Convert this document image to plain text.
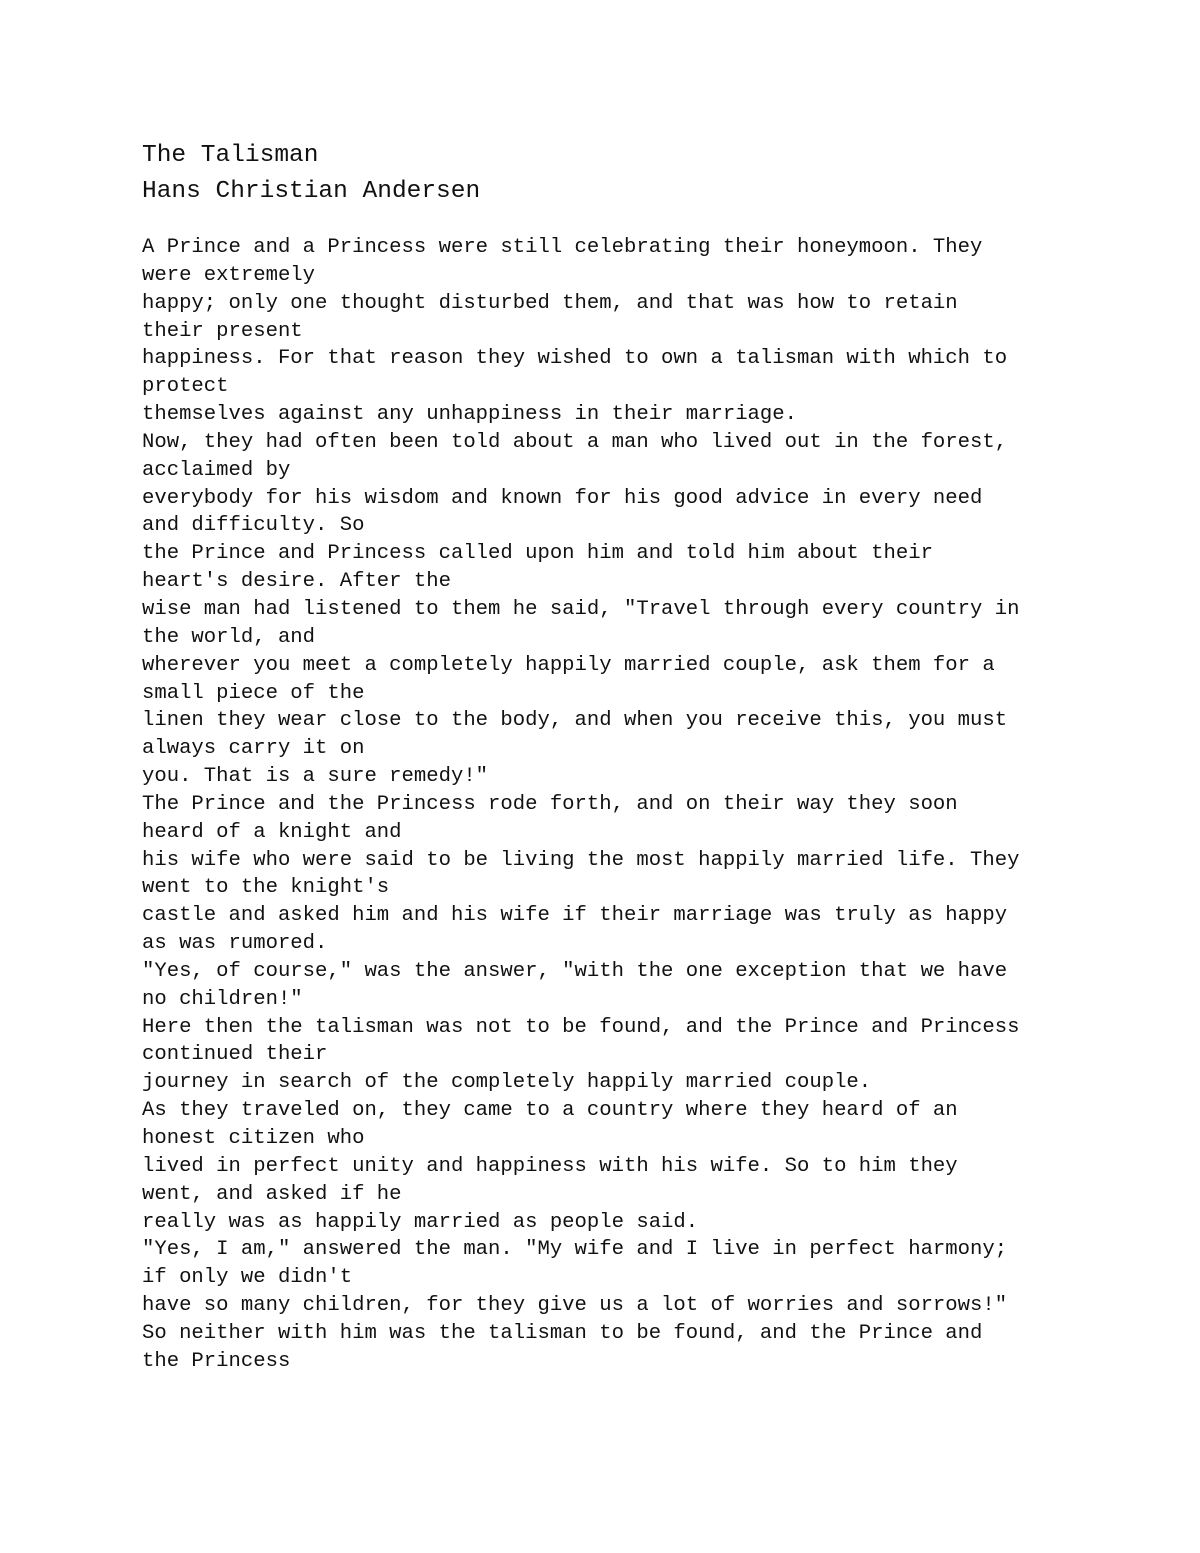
The Talisman

Hans Christian Andersen

A Prince and a Princess were still celebrating their honeymoon. They

were extremely

happy; only one thought disturbed them, and that was how to retain

their present

happiness. For that reason they wished to own a talisman with which to

protect

themselves against any unhappiness in their marriage.

Now, they had often been told about a man who lived out in the forest,

acclaimed by

everybody for his wisdom and known for his good advice in every need

and difficulty. So

the Prince and Princess called upon him and told him about their

heart's desire. After the

wise man had listened to them he said, "Travel through every country in

the world, and

wherever you meet a completely happily married couple, ask them for a

small piece of the

linen they wear close to the body, and when you receive this, you must

always carry it on

you. That is a sure remedy!"

The Prince and the Princess rode forth, and on their way they soon

heard of a knight and

his wife who were said to be living the most happily married life. They

went to the knight's

castle and asked him and his wife if their marriage was truly as happy

as was rumored.

"Yes, of course," was the answer, "with the one exception that we have

no children!"

Here then the talisman was not to be found, and the Prince and Princess

continued their

journey in search of the completely happily married couple.

As they traveled on, they came to a country where they heard of an

honest citizen who

lived in perfect unity and happiness with his wife. So to him they

went, and asked if he

really was as happily married as people said.

"Yes, I am," answered the man. "My wife and I live in perfect harmony;

if only we didn't

have so many children, for they give us a lot of worries and sorrows!"

So neither with him was the talisman to be found, and the Prince and

the Princess
